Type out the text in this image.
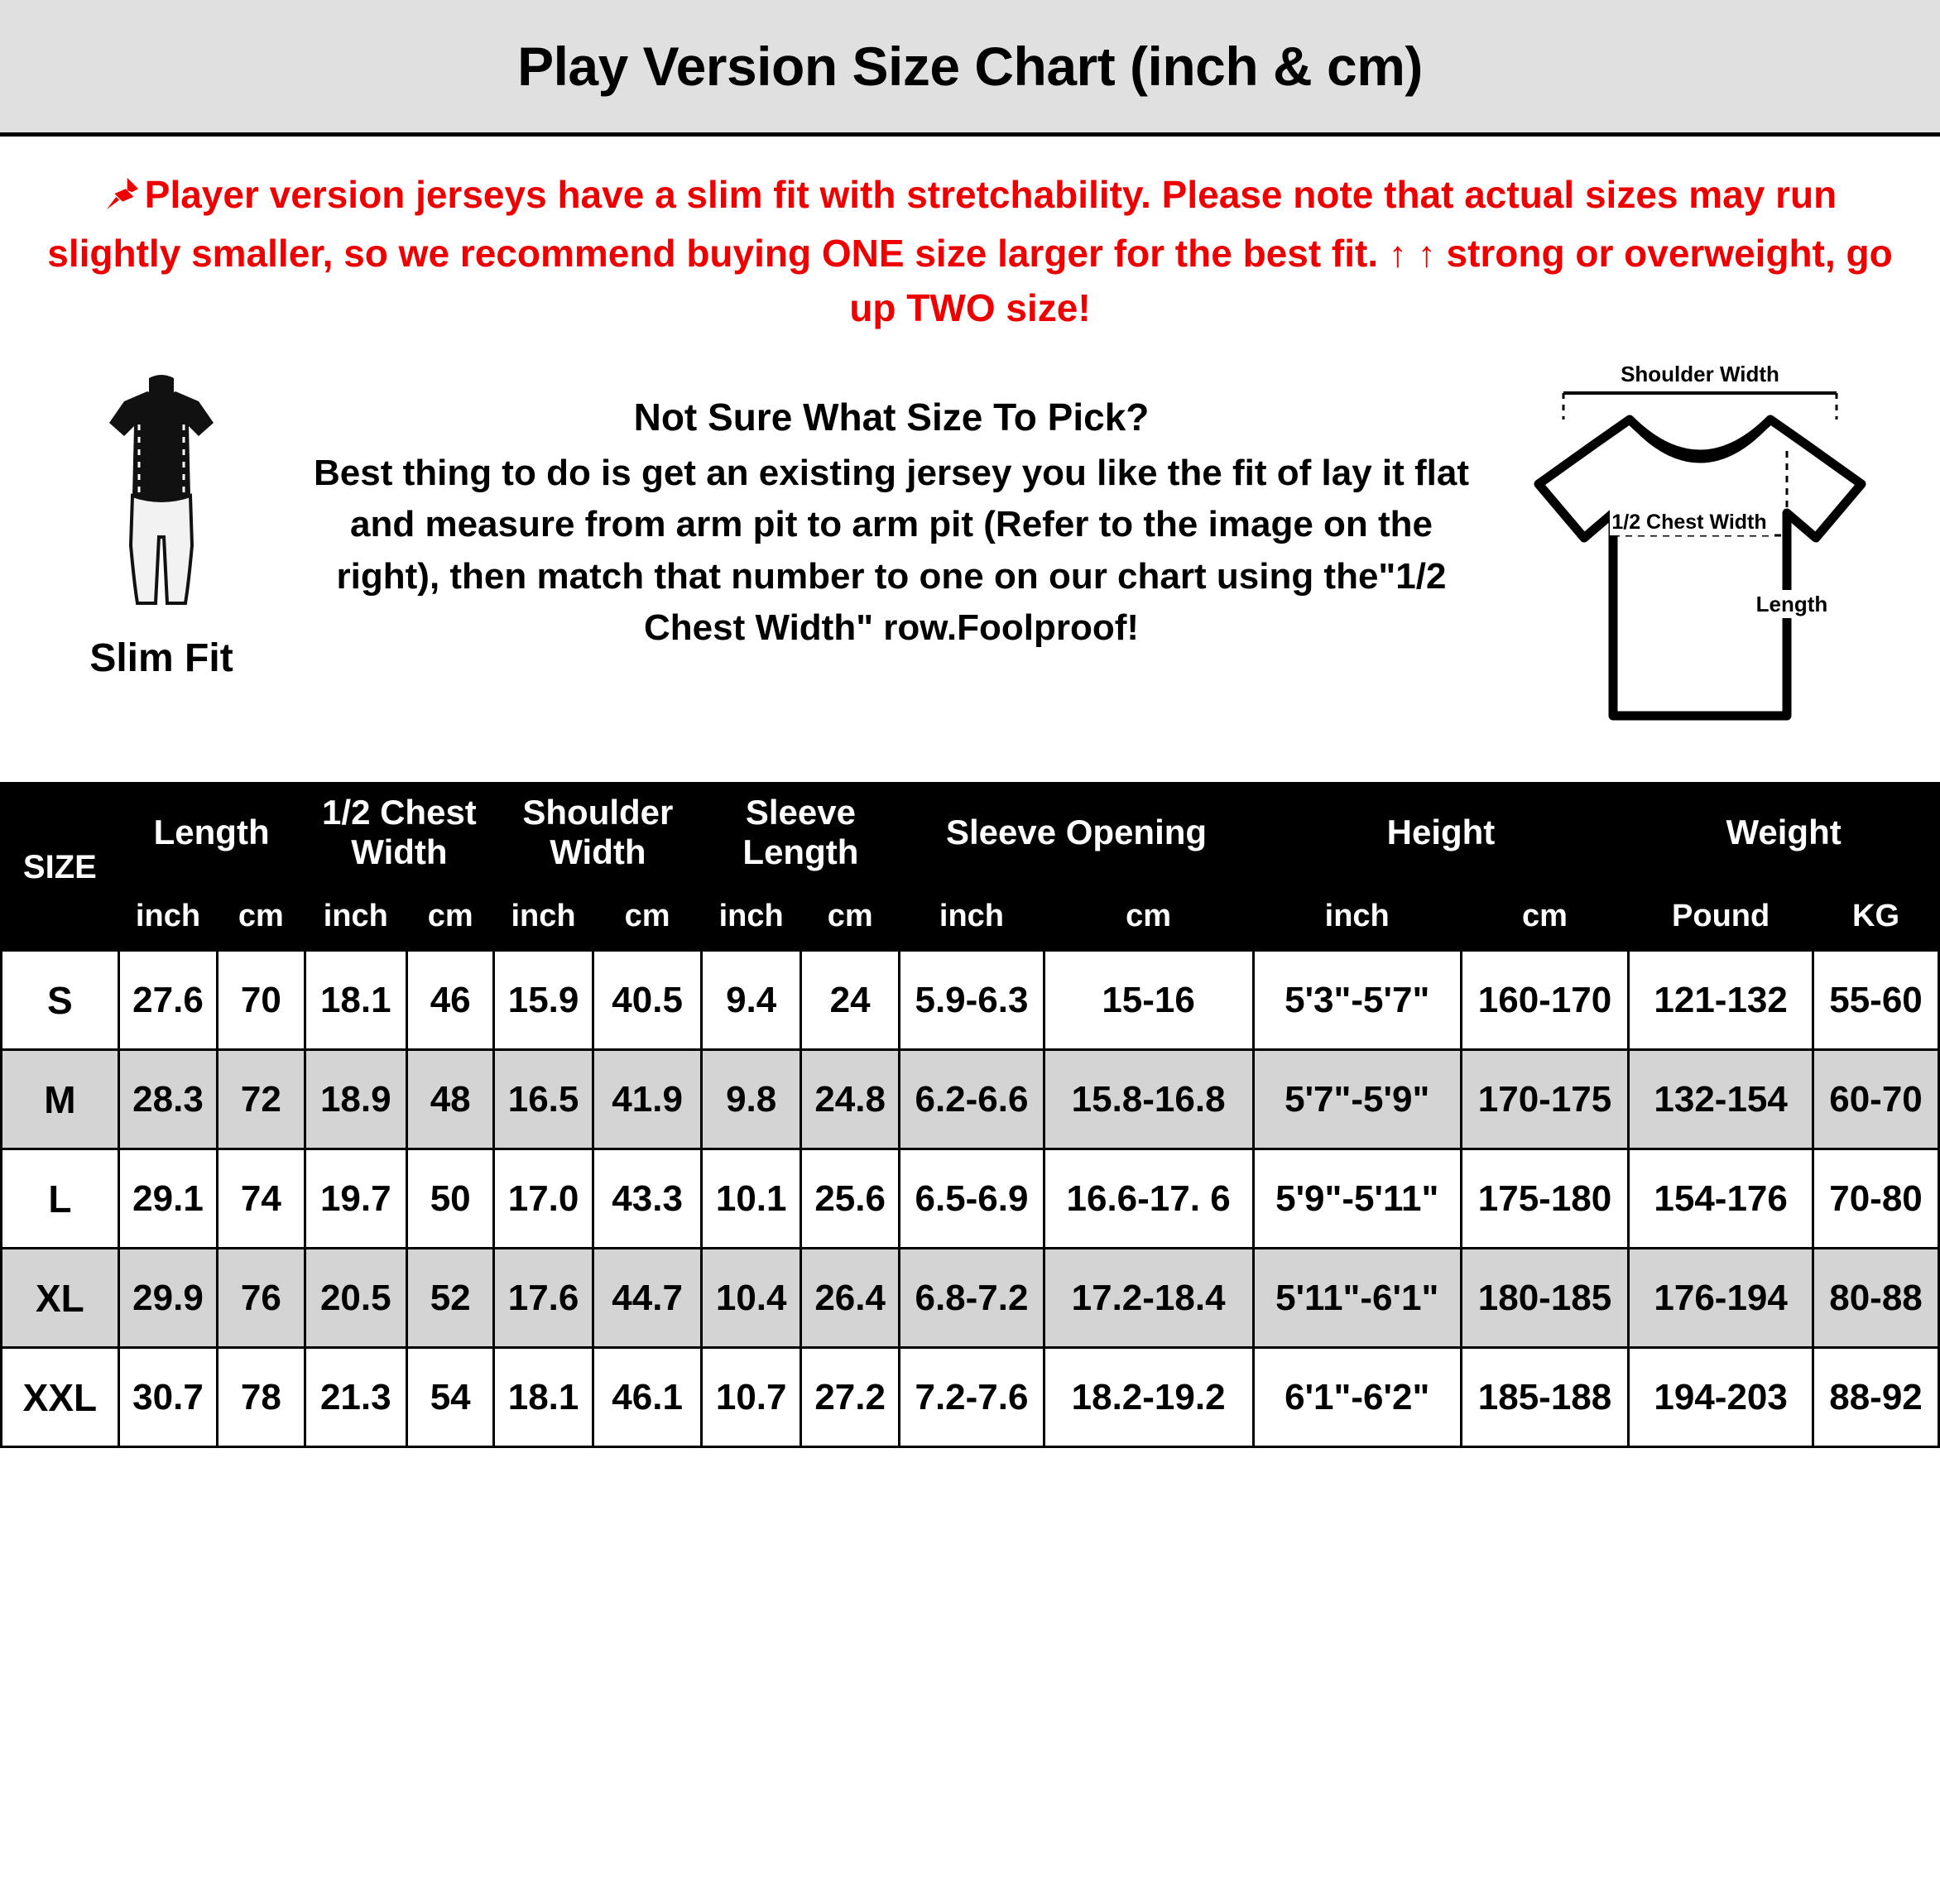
Play Version Size Chart (inch & cm)

Player version jerseys have a slim fit with stretchability. Please note that actual sizes may run slightly smaller, so we recommend buying ONE size larger for the best fit. ↑ ↑ strong or overweight, go up TWO size!

Slim Fit

Not Sure What Size To Pick?

Best thing to do is get an existing jersey you like the fit of lay it flat and measure from arm pit to arm pit (Refer to the image on the right), then match that number to one on our chart using the"1/2 Chest Width" row.Foolproof!

Shoulder Width
1/2 Chest Width
Length
SIZE	Length		1/2 Chest Width		Shoulder Width		Sleeve Length		Sleeve Opening		Height		Weight	
	inch	cm	inch	cm	inch	cm	inch	cm	inch	cm	inch	cm	Pound	KG
S	27.6	70	18.1	46	15.9	40.5	9.4	24	5.9-6.3	15-16	5'3"-5'7"	160-170	121-132	55-60
M	28.3	72	18.9	48	16.5	41.9	9.8	24.8	6.2-6.6	15.8-16.8	5'7"-5'9"	170-175	132-154	60-70
L	29.1	74	19.7	50	17.0	43.3	10.1	25.6	6.5-6.9	16.6-17. 6	5'9"-5'11"	175-180	154-176	70-80
XL	29.9	76	20.5	52	17.6	44.7	10.4	26.4	6.8-7.2	17.2-18.4	5'11"-6'1"	180-185	176-194	80-88
XXL	30.7	78	21.3	54	18.1	46.1	10.7	27.2	7.2-7.6	18.2-19.2	6'1"-6'2"	185-188	194-203	88-92
